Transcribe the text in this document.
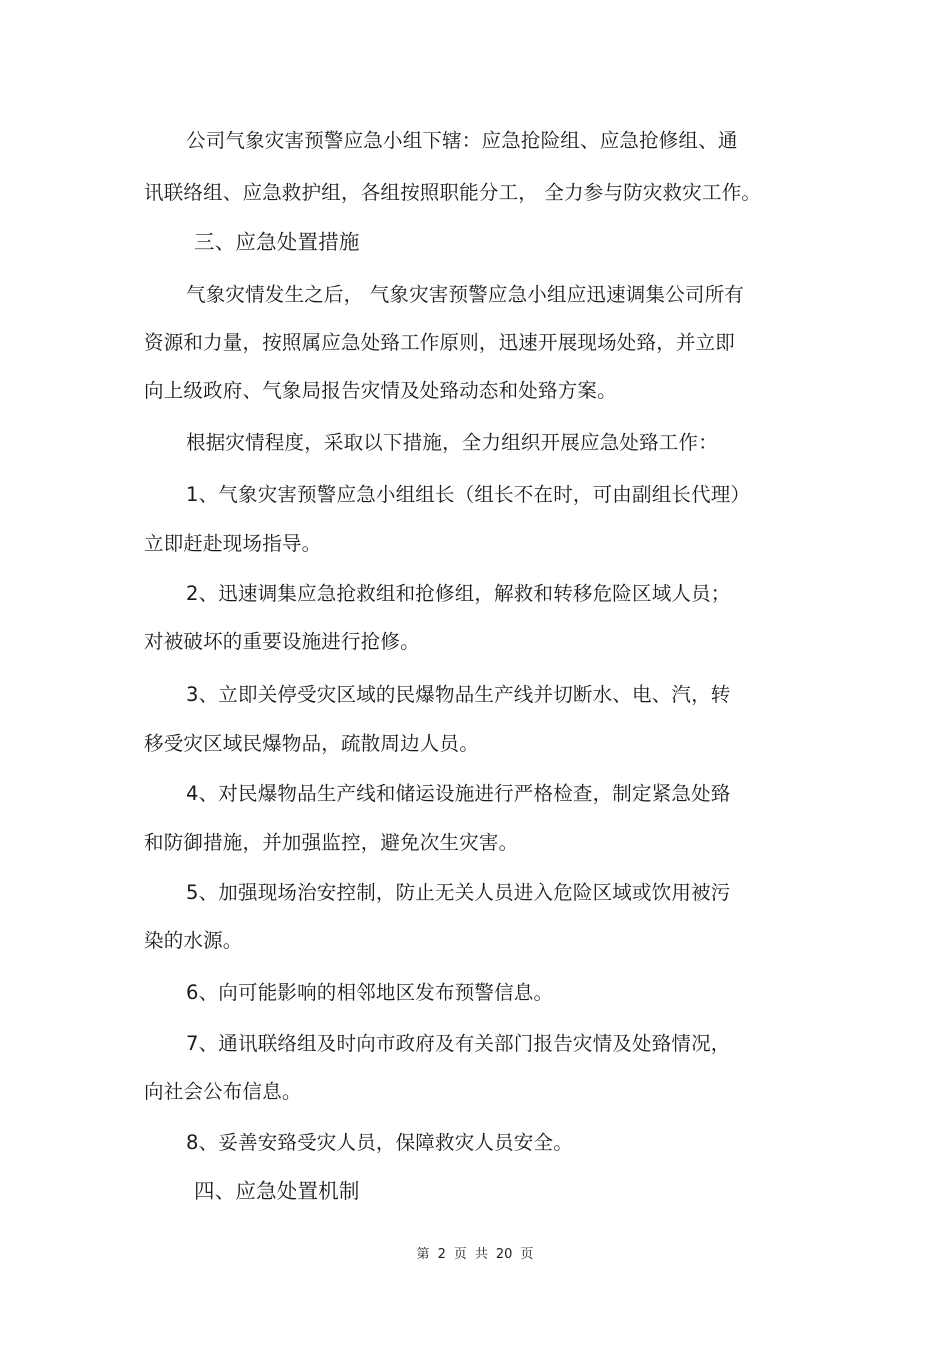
公司气象灾害预警应急小组下辖：应急抢险组、应急抢修组、通
讯联络组、应急救护组，各组按照职能分工， 全力参与防灾救灾工作。
三、应急处置措施
气象灾情发生之后， 气象灾害预警应急小组应迅速调集公司所有
资源和力量，按照属应急处臵工作原则，迅速开展现场处臵，并立即
向上级政府、气象局报告灾情及处臵动态和处臵方案。
根据灾情程度，采取以下措施，全力组织开展应急处臵工作：
1、气象灾害预警应急小组组长（组长不在时，可由副组长代理）
立即赶赴现场指导。
2、迅速调集应急抢救组和抢修组，解救和转移危险区域人员；
对被破坏的重要设施进行抢修。
3、立即关停受灾区域的民爆物品生产线并切断水、电、汽，转
移受灾区域民爆物品，疏散周边人员。
4、对民爆物品生产线和储运设施进行严格检查，制定紧急处臵
和防御措施，并加强监控，避免次生灾害。
5、加强现场治安控制，防止无关人员进入危险区域或饮用被污
染的水源。
6、向可能影响的相邻地区发布预警信息。
7、通讯联络组及时向市政府及有关部门报告灾情及处臵情况，
向社会公布信息。
8、妥善安臵受灾人员，保障救灾人员安全。
四、应急处置机制
第 2 页 共 20 页
